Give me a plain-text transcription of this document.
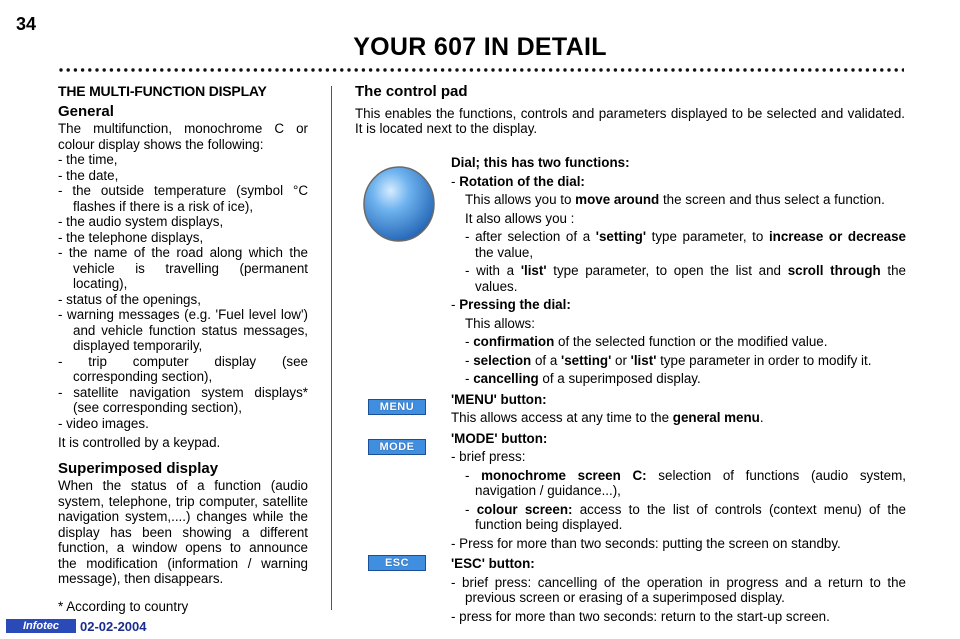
34
YOUR 607 IN DETAIL
THE MULTI-FUNCTION DISPLAY
General

The multifunction, monochrome C or colour display shows the following:

- the time,
- the date,
- the outside temperature (symbol °C flashes if there is a risk of ice),
- the audio system displays,
- the telephone displays,
- the name of the road along which the vehicle is travelling (permanent locating),
- status of the openings,
- warning messages (e.g. 'Fuel level low') and vehicle function status messages, displayed temporarily,
- trip computer display (see corresponding section),
- satellite navigation system displays* (see corresponding section),
- video images.

It is controlled by a keypad.

Superimposed display

When the status of a function (audio system, telephone, trip computer, satellite navigation system,....) changes while the display has been showing a different function, a window opens to announce the modification (information / warning message), then disappears.

* According to country
The control pad

This enables the functions, controls and parameters displayed to be selected and validated. It is located next to the display.

Dial; this has two functions:
- Rotation of the dial:
This allows you to move around the screen and thus select a function.
It also allows you :
- after selection of a 'setting' type parameter, to increase or decrease the value,
- with a 'list' type parameter, to open the list and scroll through the values.
- Pressing the dial:
This allows:
- confirmation of the selected function or the modified value.
- selection of a 'setting' or 'list' type parameter in order to modify it.
- cancelling of a superimposed display.
'MENU' button:
This allows access at any time to the general menu.
'MODE' button:
- brief press:
- monochrome screen C: selection of functions (audio system, navigation / guidance...),
- colour screen: access to the list of controls (context menu) of the function being displayed.
- Press for more than two seconds: putting the screen on standby.
'ESC' button:
- brief press: cancelling of the operation in progress and a return to the previous screen or erasing of a superimposed display.
- press for more than two seconds: return to the start-up screen.
MENU
MODE
ESC
Infotec	02-02-2004
